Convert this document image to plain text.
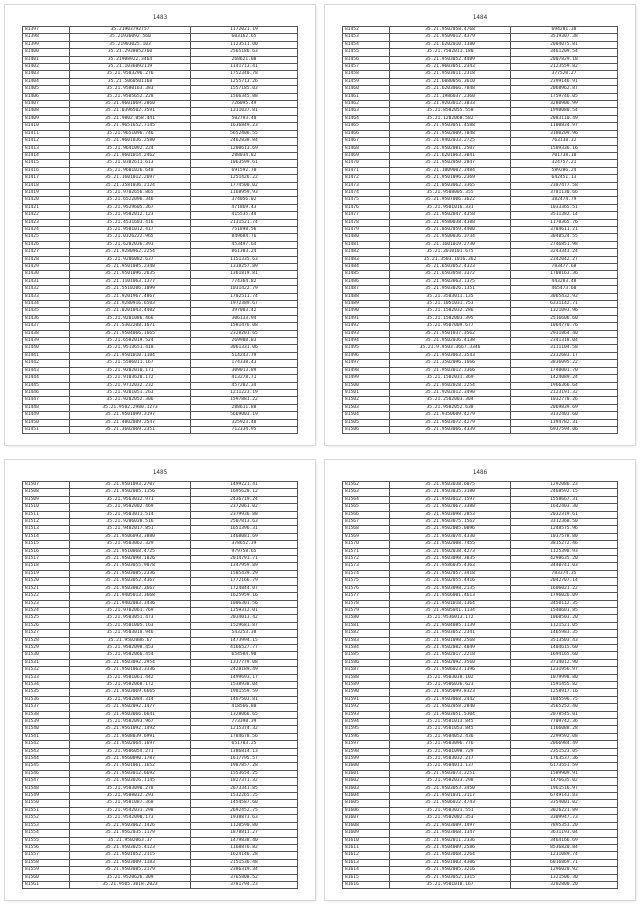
1483
81397	35.21903792757	1172021.19
81398	35.21936092.560	603162.65
81399	35.21903025.103	1123511.00
81400	35.21.2938052760	2565186.63
81401	35.21908922.3464	268621.08
81402	35.21.1036092119	1141713.41
81403	35.21.9503296.276	1752340.78
81404	35.21.5060501168	1255713.26
81405	35.21.9580163.383	1557185.03
81406	35.21.9505652.228	1566345.88
81407	35.21.9601069.2860	726095.49
81408	35.21.0396502.3591	1311037.81
81409	35.21.9802.058.441	502793.40
81410	35.21.9651652.7145	1636849.23
81411	35.21.9651096.746	5652406.55
81412	35.21.9601036.2580	2462838.84
81413	35.21.9641092.224	1200613.69
81414	35.21.9601014.2462	288034.82
81415	35.21.0302611.613	1063599.61
81416	35.21.9601026.648	691592.70
81417	35.21.1601012.2697	1251426.22
81418	35.21.3581036.2124	1774500.02
81419	35.21.9702656.865	1168959.93
81420	35.21.6522096.346	374056.02
81421	35.21.9529605.367	471869.43
81422	35.21.9502012.123	415535.44
81423	35.21.4531603.416	2131521.74
81424	35.21.9501012.417	751898.56
81425	35.21.0326222.965	849684.76
81426	35.21.6202036.393	453497.64
81427	35.21.9280962.2254	861303.24
81428	35.21.9206082.637	1151335.63
81429	35.21.9501085.2348	1338257.89
81430	35.21.9501096.2635	1361819.81
81431	35.21.1101063.1377	774364.82
81432	35.21.5510206.1099	1031422.79
81433	35.21.9201967.4867	1702511.74
81434	35.21.9280916.6503	1972389.67
81435	35.21.0201043.4402	397003.42
81436	35.21.9201086.466	306133.94
81437	35.21.5302208.1671	1581476.08
81438	35.21.9504066.1665	2328201.65
81439	35.21.6502019.524	269908.83
81440	35.21.9513651.418	3061331.06
81441	35.21.9501010.1104	514243.79
81442	35.21.5506011.167	174338.43
81443	35.21.9202010.171	309013.89
81444	35.21.9103620.172	413278.71
81445	35.21.9712032.232	457202.34
81446	35.21.9201051.263	1211223.19
81447	35.21.9202052.306	1597881.22
81448	35.21.9502.2980.1273	288611.88
81449	35.21.9501099.3197	5669003.19
81450	35.21.4002089.2547	325923.48
81451	35.21.3602069.2351	712334.95
1484
81452	35.21.9502058.4768	694281.38
81453	35.21.9509012.4379	3519307.38
81454	35.21.6202010.1380	2004075.81
81455	35.21.7502011.180	3461209.54
81456	35.21.9503052.4489	2007829.18
81457	35.21.9603051.2343	2123559.82
81458	35.21.9503011.2318	377520.27
81459	35.21.6080056.3610	2399146.91
81460	35.21.6203066.7848	2068962.87
81461	35.21.1986037.2360	1759746.05
81462	35.21.9203012.3033	3280906.99
81463	35.21.8502055.558	1998080.54
81464	35.21.1202068.582	2083110.49
81465	35.21.9503051.4588	1100834.97
81466	35.21.9502009.7048	3180209.96
81467	35.21.9402033.2725	763138.32
81468	35.21.9502081.2507	1509336.16
81469	35.21.6201063.3041	701738.10
81470	35.21.9502050.2047	324757.21
81471	35.21.1009002.3484	589286.24
81472	35.21.9501096.2369	642451.13
81473	35.21.0503062.3365	2387477.58
81474	35.21.9508005.355	3781130.66
81475	35.21.9507006.3622	382474.79
81476	35.21.9501016.331	1033365.51
81477	35.21.9502047.4358	3511382.14
81478	35.21.9580038.4388	1170365.76
81479	35.21.0502059.4400	3784611.21
81480	35.21.9500036.3734	3040524.55
81481	35.21.1601019.2730	2746851.98
81482	35.21.3010101.675	3243343.24
81483	35.21.3503.1016.362	2342042.27
81484	35.21.6503052.4323	783477.68
81485	35.21.6503058.3372	1708163.36
81486	35.21.9503063.1375	443283.48
81487	35.21.9503026.1351	465473.60
81488	35.21.3503011.135	3065432.92
81489	35.21.1051031.753	6331142.71
81490	35.21.1502032.286	1321093.96
81491	35.21.1502003.395	2516606.60
81492	35.21.9507009.677	1064770.76
81493	35.21.9501037.3562	2931864.40
81494	35.21.9502036.4138	2341318.04
81495	35.21.9.9503.3667.3346	3111104.58
81496	35.21.9503063.3543	2332683.17
81497	35.21.3502096.1666	3836095.22
81498	35.21.9503012.3366	1740001.70
81499	35.21.1502031.369	1424089.24
81500	35.21.9502028.2254	1966366.64
81501	35.21.9202012.3490	2123191.32
81502	35.21.2502003.304	1032770.26
81503	35.21.9502052.638	2069839.69
81504	35.21.9350609.4279	3132403.60
81505	35.21.9503072.4279	1394782.31
81506	35.21.9503066.4339	6937594.06
1485
81507	35.21.9501093.2707	1499221.41
81508	35.21.9502085.1156	1695620.12
81509	35.21.9563032.971	2436719.24
81510	35.21.9502002.469	2372061.02
81511	35.21.9503011.514	2379936.88
81512	35.21.9206038.516	2507813.63
81513	35.21.9402017.851	1651396.31
81514	35.21.9506093.3880	1468081.69
81515	35.21.9503062.329	378652.39
81516	35.21.9510068.4725	979758.65
81517	35.21.9502098.1826	2014791.71
81518	35.21.9503055.9078	1347959.89
81519	35.21.9503085.2336	1505439.29
81520	35.21.9503052.4367	1772166.79
81521	35.21.9503002.3667	1724844.07
81522	35.21.9405013.3668	1625959.16
81523	35.21.9402083.3436	1006301.56
81524	35.21.9702061.769	1259312.01
81525	35.21.9503051.473	2034013.42
81526	35.21.9501005.163	1529681.87
81527	35.21.9503018.946	543253.38
81528	35.21.9502086.67	1473994.15
81529	35.21.9502098.453	4166527.77
81530	35.21.9502066.454	654584.90
81531	35.21.9503092.2954	1337779.08
81532	35.21.9501063.3336	2428189.49
81533	35.21.9501061.442	1499693.17
81534	35.21.9502068.172	1538938.04
81535	35.21.9503069.6665	1981559.59
81536	35.21.9502084.314	1467503.81
81537	35.21.9502092.1477	418566.80
81538	35.21.9503066.6641	1328066.65
81539	35.21.9502093.967	773398.39
81540	35.21.9561092.1492	1215374.32
81541	35.21.9508039.6991	1784678.56
81542	35.21.9502064.1697	651703.25
81543	35.21.9506054.271	1386814.13
81544	35.21.9560090.1787	1617795.57
81545	35.21.9501061.1652	1987857.28
81546	35.21.9503012.6692	1553654.25
81547	35.21.9503026.1145	1827371.32
81548	35.21.9503090.278	2673341.85
81549	35.21.9508032.293	1532265.25
81550	35.21.9501087.368	1454587.60
81551	35.21.9542031.298	2692452.75
81552	35.21.9542090.173	1938873.63
81553	35.21.9503062.1426	1120590.80
81554	35.21.9562035.1179	1878811.27
81555	35.21.9502063.37	1479838.40
81556	35.21.9503025.4123	1168876.82
81557	35.21.9501052.2115	1624146.28
81558	35.21.9503009.1183	2151536.48
81559	35.21.9503085.2179	2386319.34
81560	35.21.9520626.309	3765808.52
81561	35.21.9505.3018.2023	3781794.23
1486
81562	35.21.9503038.6075	1292086.23
81563	35.21.9503035.3180	2468592.15
81564	35.21.9503012.1597	1558667.31
81565	35.21.9502067.3388	1642403.30
81566	35.21.9503098.2853	2032319.61
81567	35.21.9503075.1562	3312368.50
81568	35.21.9502005.0096	1248575.96
81569	35.21.9503074.4330	1037578.80
81570	35.21.9502008.7455	3815272.46
81571	35.21.9502038.4273	1125398.93
81572	35.21.9503098.3035	4298635.20
81573	35.21.9586035.4363	3440741.03
81574	35.21.9502057.3418	783374.35
81575	35.21.9502055.4416	2042707.14
81576	35.21.9503098.2135	1606021.22
81577	35.21.9566001.4613	1796026.09
81578	35.21.9501018.1364	3450112.35
81579	35.21.9505041.1134	1540601.85
81580	35.21.9536013.172	1060503.20
81581	35.21.9504085.1139	1121521.05
81582	35.21.9503052.2341	1465983.35
81583	35.21.9501098.2568	3513503.43
81584	35.21.9502082.4049	1404615.60
81585	35.21.9502017.2218	1694165.60
81586	35.21.9502092.3560	3734012.90
81587	35.21.9506023.1396	1231956.97
81588	35.21.9503038.102	1079998.80
81589	35.21.9506036.623	1591455.82
81590	35.21.9505099.8323	1258917.16
81591	35.21.9503068.2442	1045596.75
81592	35.21.9502058.2840	3565252.40
81593	35.21.9503051.5304	2078545.01
81594	35.21.9501013.845	7709742.36
81595	35.21.9501053.845	1166088.28
81596	35.21.9504052.436	2299592.08
81597	35.21.9503096.776	2066984.49
81598	35.21.9501098.729	2351523.05
81599	35.21.9503032.217	1763537.36
81600	35.21.9504011.137	6173551.59
81601	35.21.9503073.3251	1589909.91
81602	35.21.9502033.298	1476635.02
81603	35.21.9503053.3450	1961516.97
81604	35.21.9501031.3117	6749143.83
81605	35.21.9506022.4743	3354001.02
81606	35.21.9503021.551	3026221.89
81607	35.21.9502002.353	3309947.73
81608	35.21.9503089.1497	7895353.20
81609	35.21.9503068.1347	3631193.04
81610	35.21.9502011.2336	3464166.69
81611	35.21.9504009.2586	8536820.84
81612	35.21.9503068.2264	1231089.74
81613	35.21.9501003.4306	6016869.71
81614	35.21.9502085.3216	1296020.92
81615	35.21.9503052.1315	1321506.30
81616	35.21.9501018.167	3202800.20
